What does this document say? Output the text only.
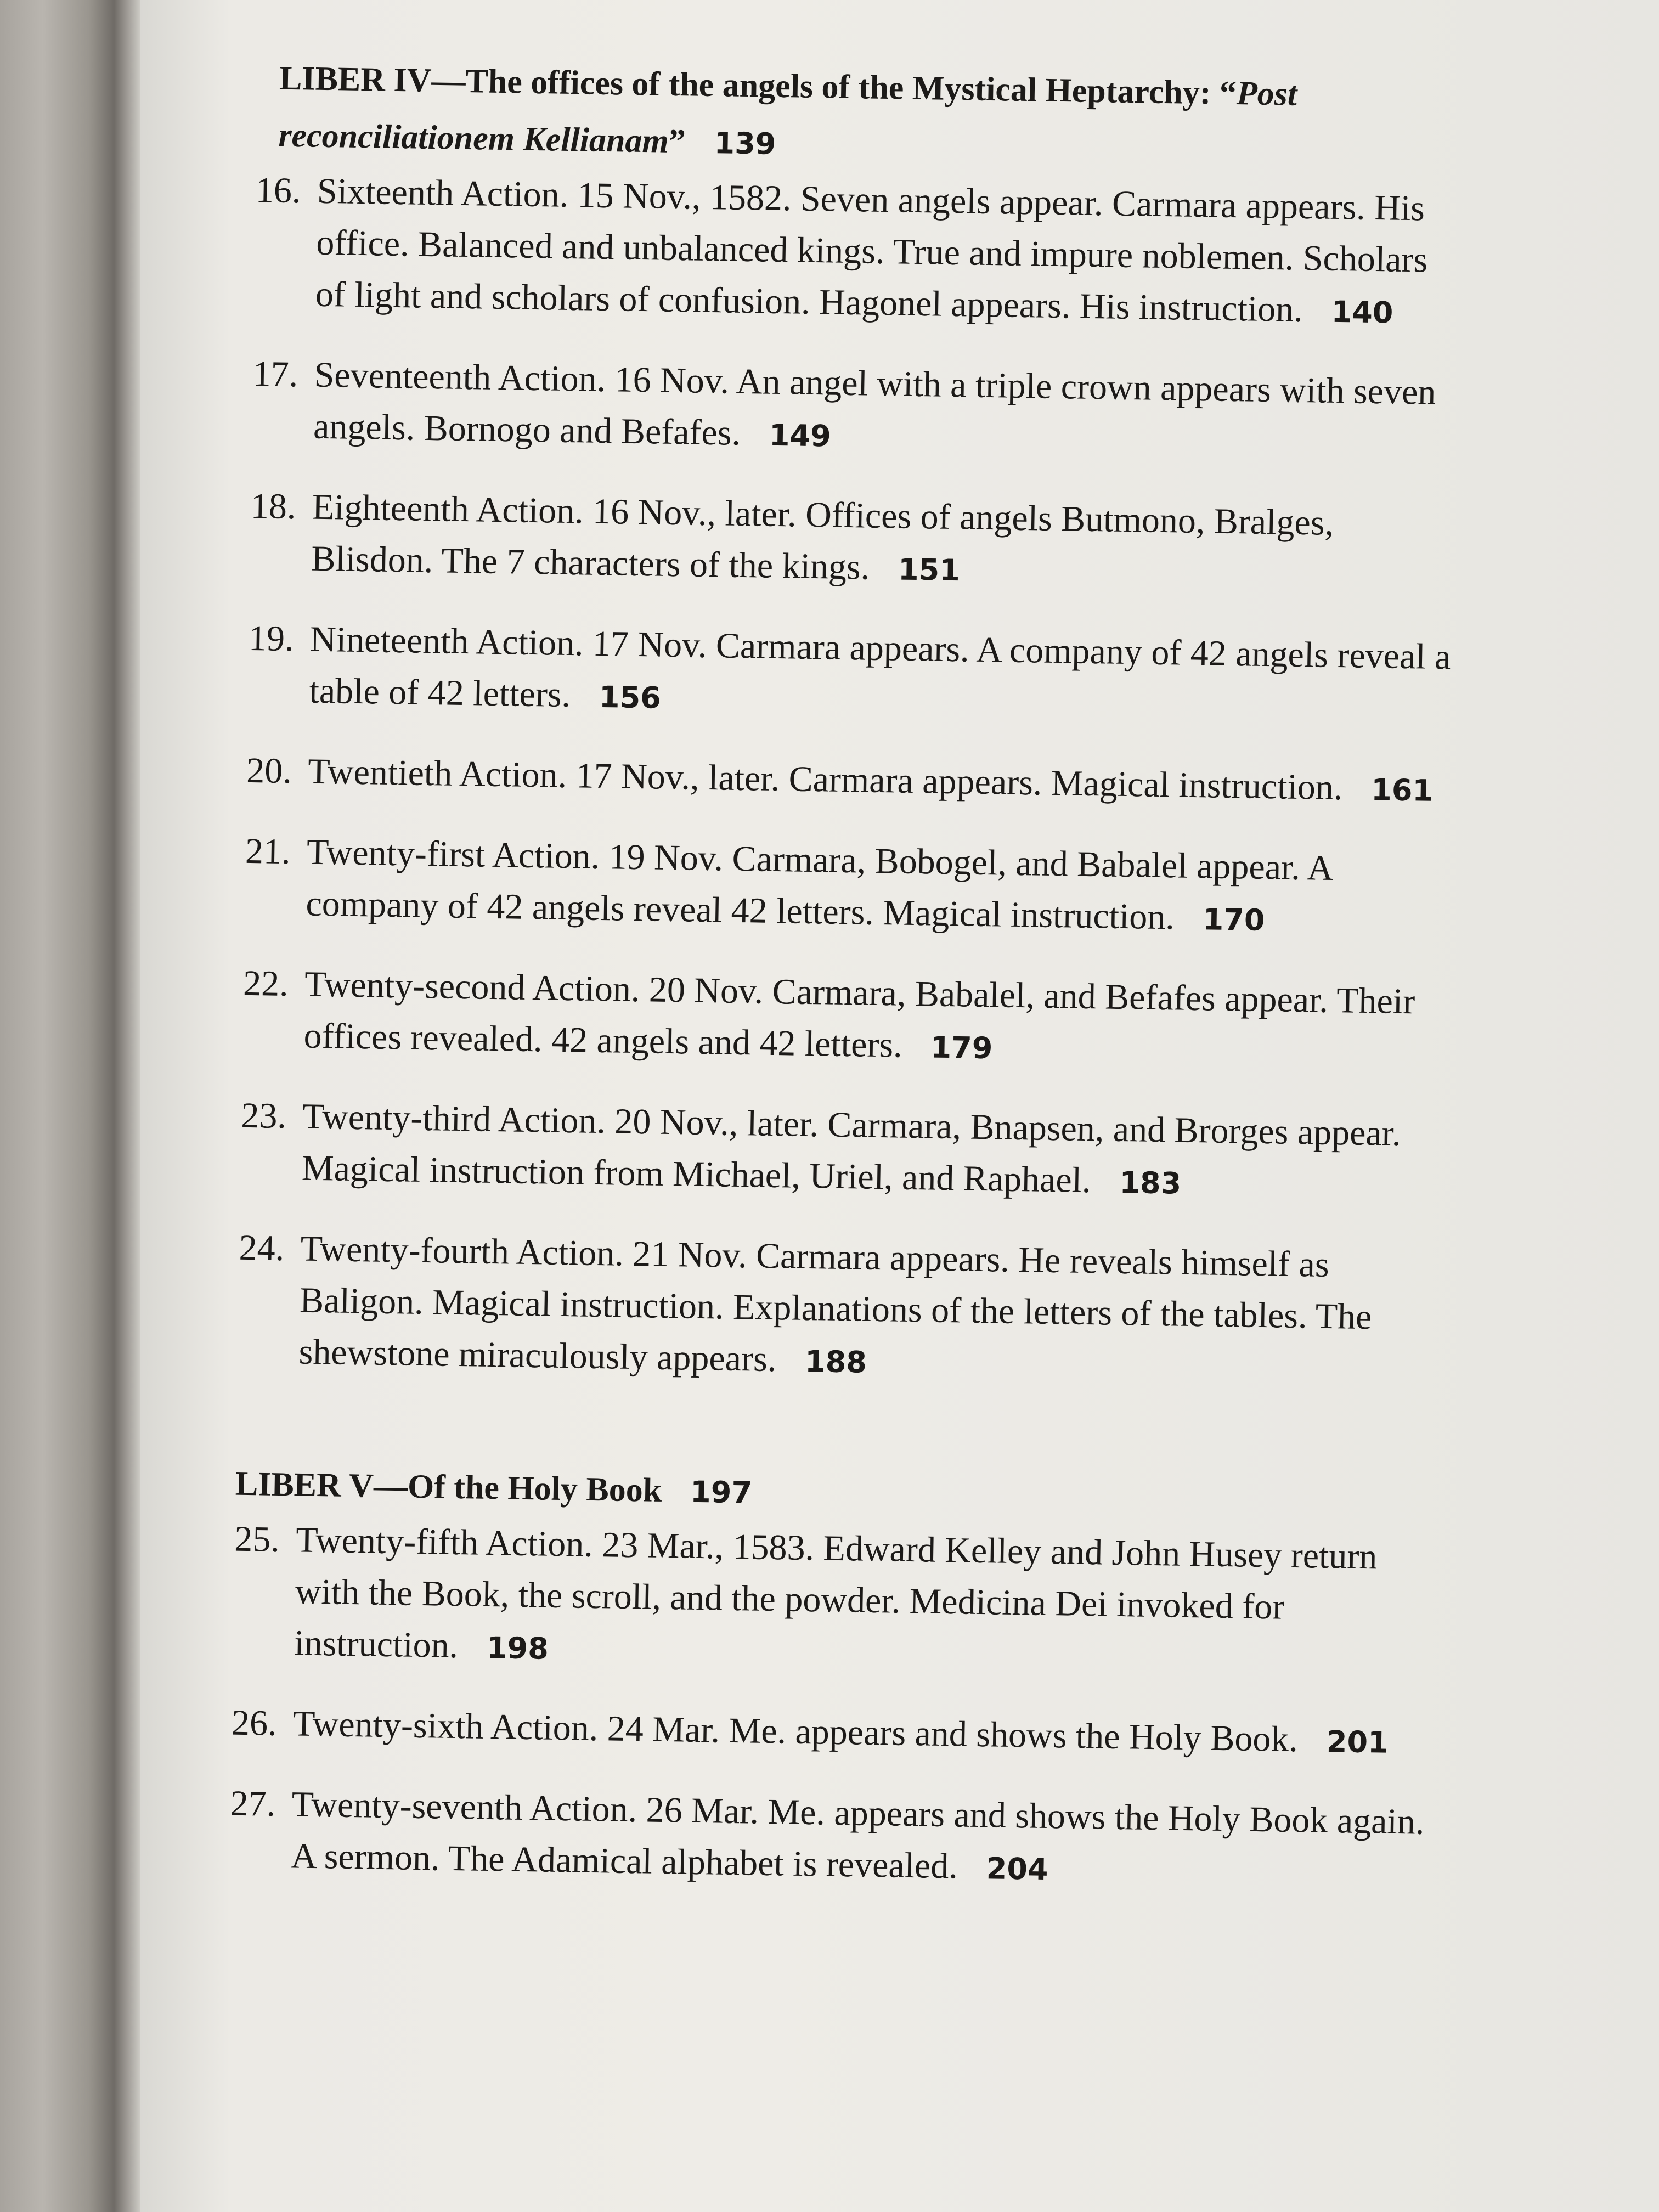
LIBER IV—The offices of the angels of the Mystical Heptarchy: “Post reconciliationem Kellianam” 139
16. Sixteenth Action. 15 Nov., 1582. Seven angels appear. Carmara appears. His office. Balanced and unbalanced kings. True and impure noblemen. Scholars of light and scholars of confusion. Hagonel appears. His instruction. 140
17. Seventeenth Action. 16 Nov. An angel with a triple crown appears with seven angels. Bornogo and Befafes. 149
18. Eighteenth Action. 16 Nov., later. Offices of angels Butmono, Bralges, Blisdon. The 7 characters of the kings. 151
19. Nineteenth Action. 17 Nov. Carmara appears. A company of 42 angels reveal a table of 42 letters. 156
20. Twentieth Action. 17 Nov., later. Carmara appears. Magical instruction. 161
21. Twenty-first Action. 19 Nov. Carmara, Bobogel, and Babalel appear. A company of 42 angels reveal 42 letters. Magical instruction. 170
22. Twenty-second Action. 20 Nov. Carmara, Babalel, and Befafes appear. Their offices revealed. 42 angels and 42 letters. 179
23. Twenty-third Action. 20 Nov., later. Carmara, Bnapsen, and Brorges appear. Magical instruction from Michael, Uriel, and Raphael. 183
24. Twenty-fourth Action. 21 Nov. Carmara appears. He reveals himself as Baligon. Magical instruction. Explanations of the letters of the tables. The shewstone miraculously appears. 188
LIBER V—Of the Holy Book 197
25. Twenty-fifth Action. 23 Mar., 1583. Edward Kelley and John Husey return with the Book, the scroll, and the powder. Medicina Dei invoked for instruction. 198
26. Twenty-sixth Action. 24 Mar. Me. appears and shows the Holy Book. 201
27. Twenty-seventh Action. 26 Mar. Me. appears and shows the Holy Book again. A sermon. The Adamical alphabet is revealed. 204
